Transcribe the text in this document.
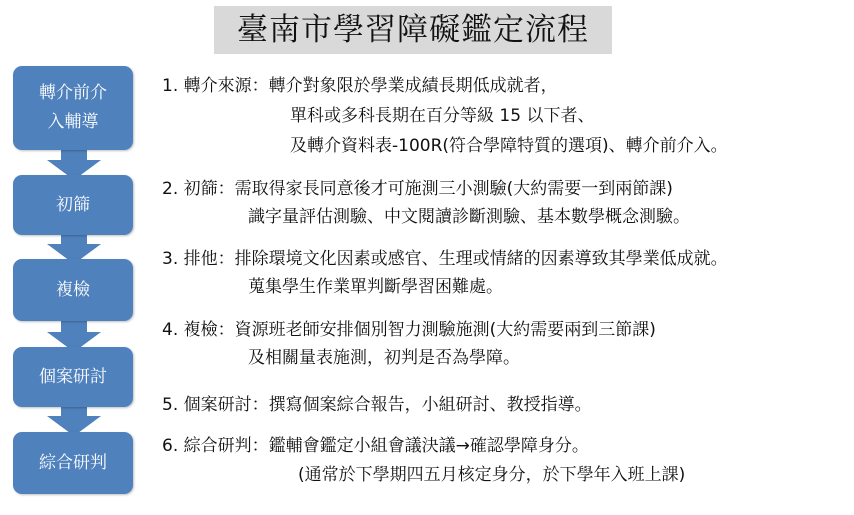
臺南市學習障礙鑑定流程
轉介前介
入輔導
初篩
複檢
個案研討
綜合研判
1. 轉介來源：轉介對象限於學業成績長期低成就者，
單科或多科長期在百分等級 15 以下者、
及轉介資料表-100R(符合學障特質的選項)、轉介前介入。
2. 初篩：需取得家長同意後才可施測三小測驗(大約需要一到兩節課)
識字量評估測驗、中文閱讀診斷測驗、基本數學概念測驗。
3. 排他：排除環境文化因素或感官、生理或情緒的因素導致其學業低成就。
蒐集學生作業單判斷學習困難處。
4. 複檢：資源班老師安排個別智力測驗施測(大約需要兩到三節課)
及相關量表施測，初判是否為學障。
5. 個案研討：撰寫個案綜合報告，小組研討、教授指導。
6. 綜合研判：鑑輔會鑑定小組會議決議→確認學障身分。
(通常於下學期四五月核定身分，於下學年入班上課)
